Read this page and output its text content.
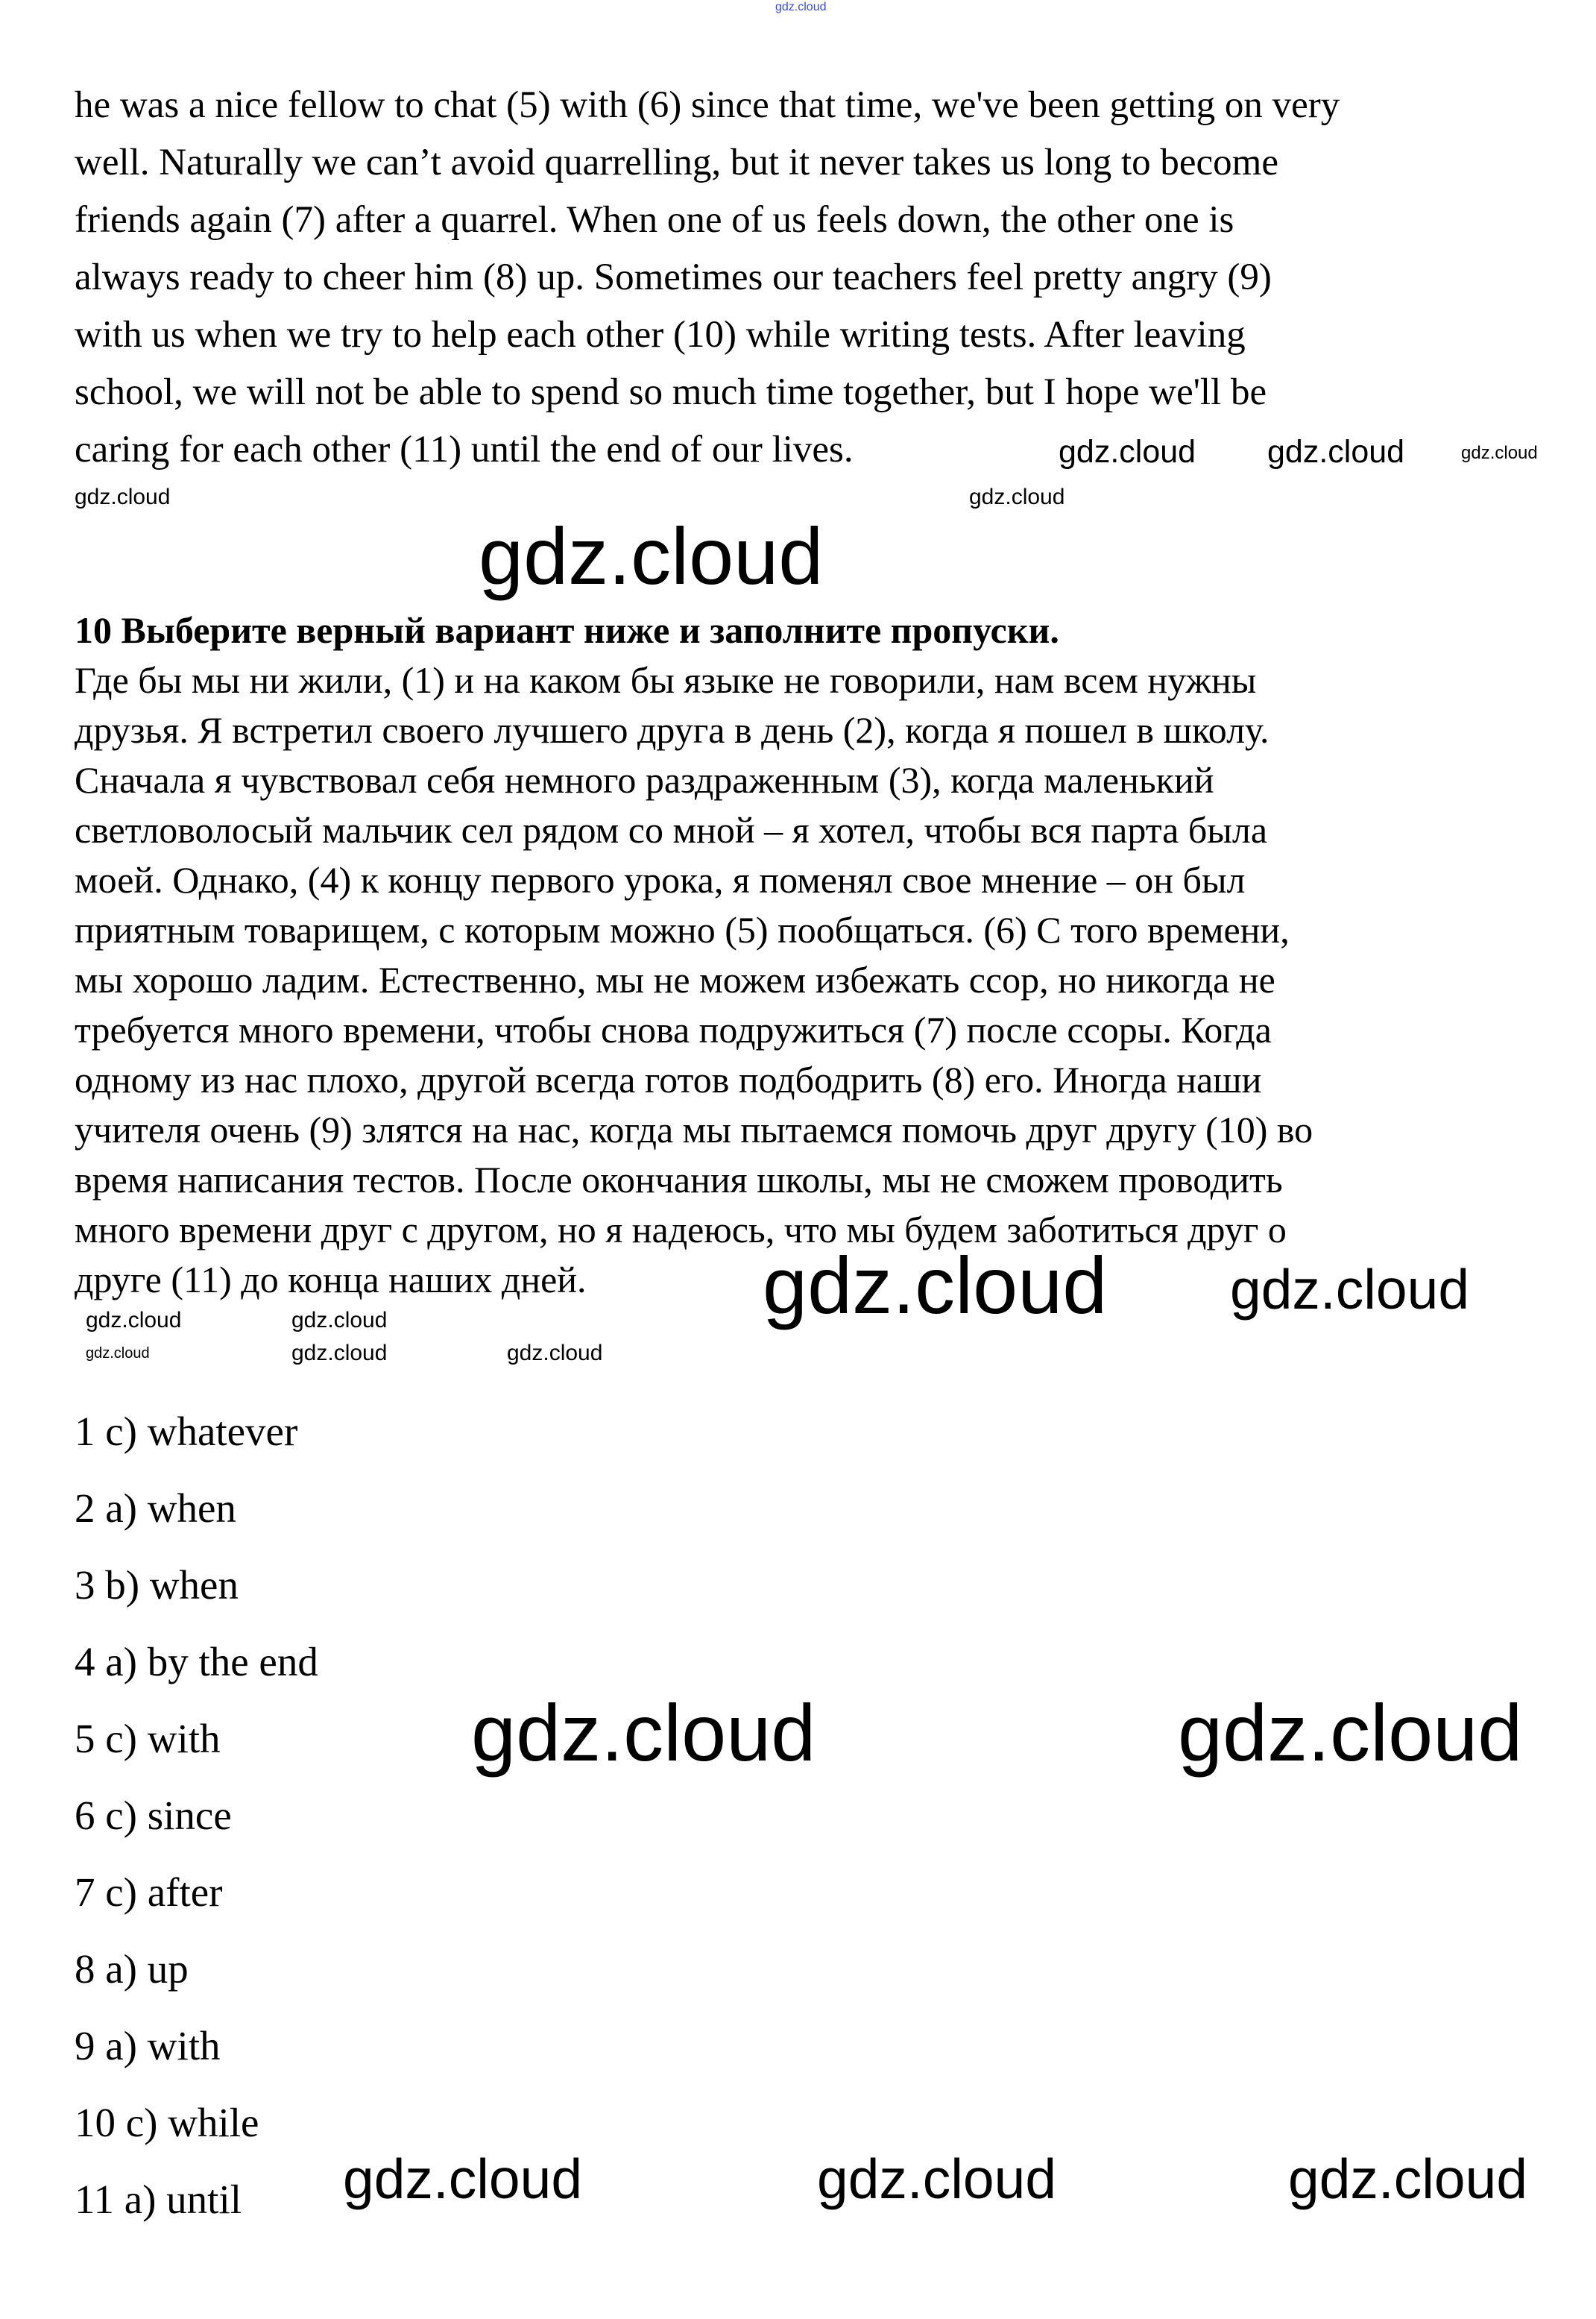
gdz.cloud
he was a nice fellow to chat (5) with (6) since that time, we've been getting on very
well. Naturally we can’t avoid quarrelling, but it never takes us long to become
friends again (7) after a quarrel. When one of us feels down, the other one is
always ready to cheer him (8) up. Sometimes our teachers feel pretty angry (9)
with us when we try to help each other (10) while writing tests. After leaving
school, we will not be able to spend so much time together, but I hope we'll be
caring for each other (11) until the end of our lives.
10 Выберите верный вариант ниже и заполните пропуски.
Где бы мы ни жили, (1) и на каком бы языке не говорили, нам всем нужны
друзья. Я встретил своего лучшего друга в день (2), когда я пошел в школу.
Сначала я чувствовал себя немного раздраженным (3), когда маленький
светловолосый мальчик сел рядом со мной – я хотел, чтобы вся парта была
моей. Однако, (4) к концу первого урока, я поменял свое мнение – он был
приятным товарищем, с которым можно (5) пообщаться. (6) С того времени,
мы хорошо ладим. Естественно, мы не можем избежать ссор, но никогда не
требуется много времени, чтобы снова подружиться (7) после ссоры. Когда
одному из нас плохо, другой всегда готов подбодрить (8) его. Иногда наши
учителя очень (9) злятся на нас, когда мы пытаемся помочь друг другу (10) во
время написания тестов. После окончания школы, мы не сможем проводить
много времени друг с другом, но я надеюсь, что мы будем заботиться друг о
друге (11) до конца наших дней.
1 c) whatever
2 a) when
3 b) when
4 a) by the end
5 c) with
6 c) since
7 c) after
8 a) up
9 a) with
10 c) while
11 a) until
gdz.cloud
gdz.cloud
gdz.cloud	gdz.cloud
gdz.cloud
gdz.cloud
gdz.cloud
gdz.cloud	gdz.cloud	gdz.cloud
gdz.cloud
gdz.cloud	gdz.cloud
gdz.cloud	gdz.cloud
gdz.cloud	gdz.cloud	gdz.cloud
